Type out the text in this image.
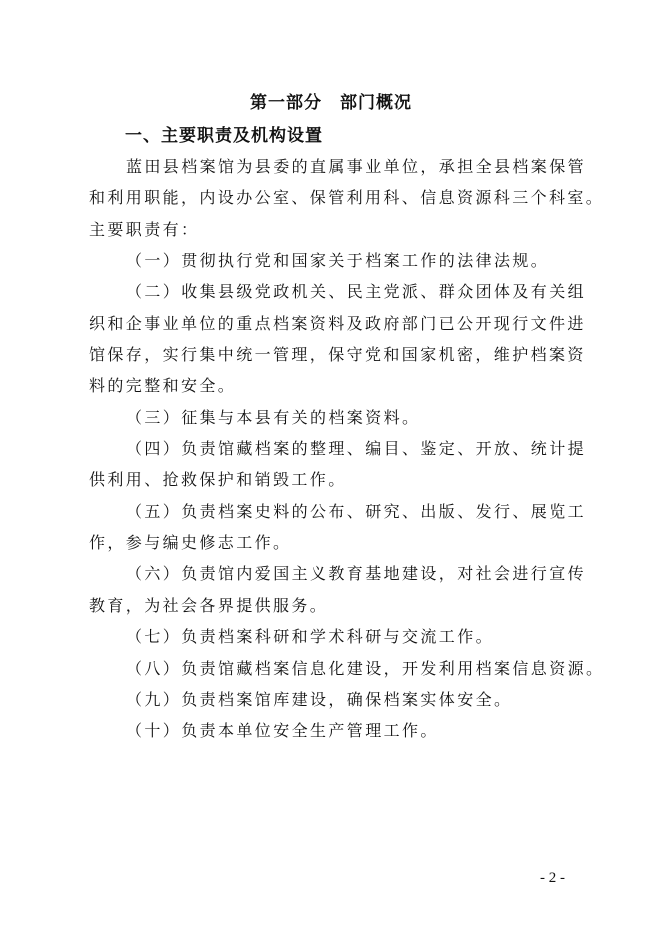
第一部分　部门概况
一、主要职责及机构设置
蓝田县档案馆为县委的直属事业单位，承担全县档案保管
和利用职能，内设办公室、保管利用科、信息资源科三个科室。
主要职责有：
（一）贯彻执行党和国家关于档案工作的法律法规。
（二）收集县级党政机关、民主党派、群众团体及有关组
织和企事业单位的重点档案资料及政府部门已公开现行文件进
馆保存，实行集中统一管理，保守党和国家机密，维护档案资
料的完整和安全。
（三）征集与本县有关的档案资料。
（四）负责馆藏档案的整理、编目、鉴定、开放、统计提
供利用、抢救保护和销毁工作。
（五）负责档案史料的公布、研究、出版、发行、展览工
作，参与编史修志工作。
（六）负责馆内爱国主义教育基地建设，对社会进行宣传
教育，为社会各界提供服务。
（七）负责档案科研和学术科研与交流工作。
（八）负责馆藏档案信息化建设，开发利用档案信息资源。
（九）负责档案馆库建设，确保档案实体安全。
（十）负责本单位安全生产管理工作。
- 2 -
